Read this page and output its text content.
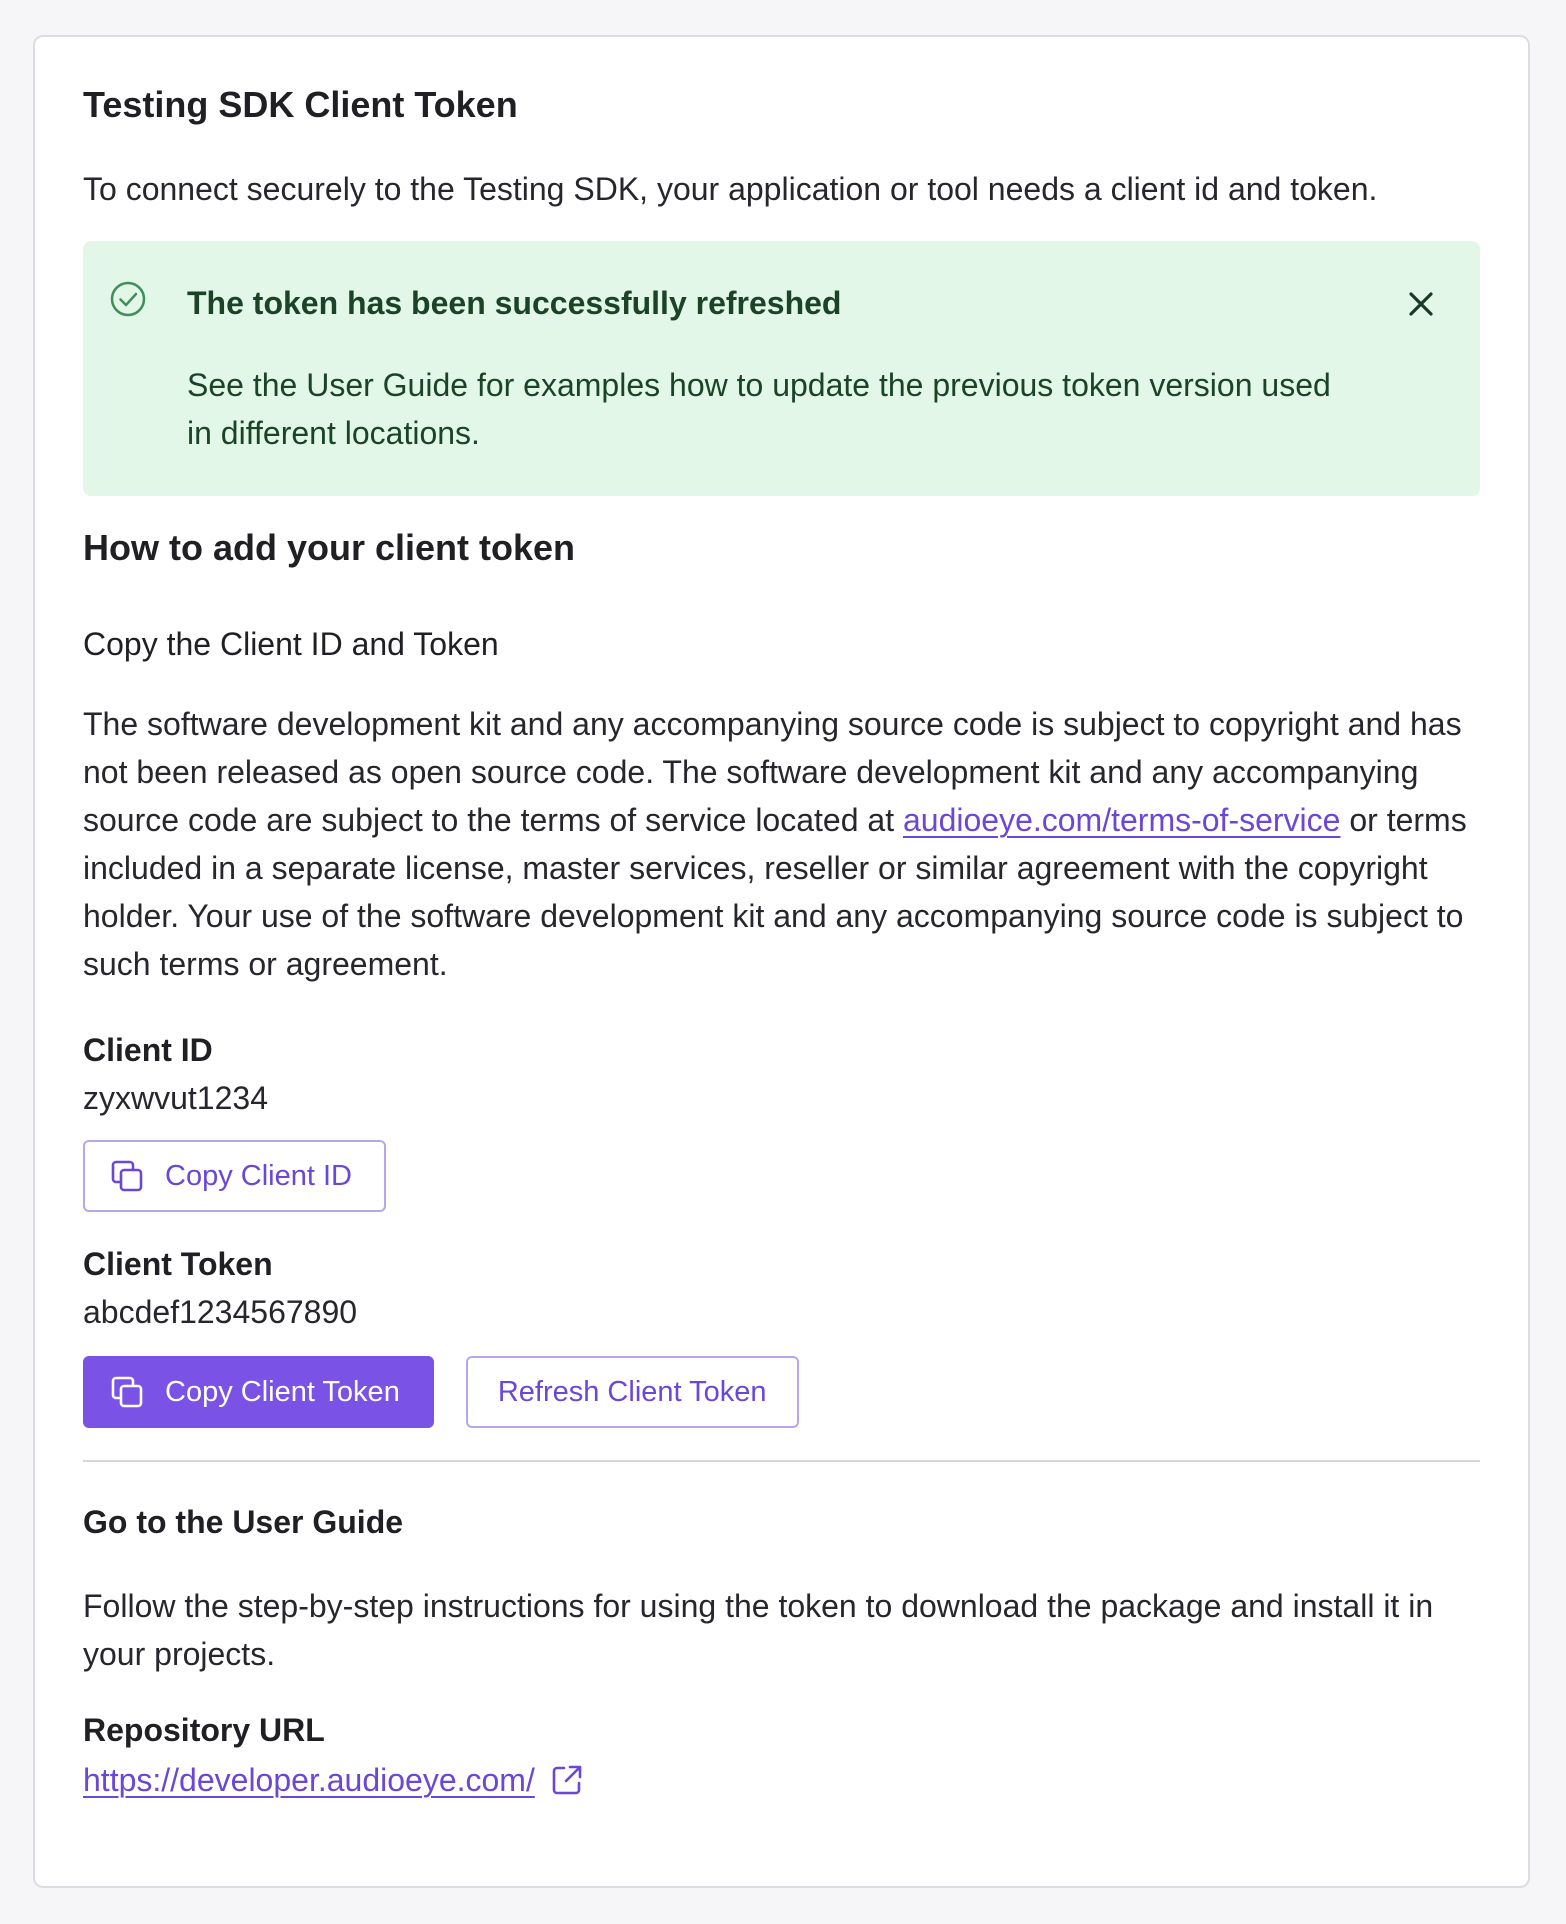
Testing SDK Client Token

To connect securely to the Testing SDK, your application or tool needs a client id and token.

The token has been successfully refreshed
See the User Guide for examples how to update the previous token version used in different locations.
How to add your client token
Copy the Client ID and Token

The software development kit and any accompanying source code is subject to copyright and has not been released as open source code. The software development kit and any accompanying source code are subject to the terms of service located at audioeye.com/terms-of-service or terms included in a separate license, master services, reseller or similar agreement with the copyright holder. Your use of the software development kit and any accompanying source code is subject to such terms or agreement.

Client ID
zyxwvut1234
Copy Client ID
Client Token
abcdef1234567890
Copy Client Token	Refresh Client Token
Go to the User Guide

Follow the step-by-step instructions for using the token to download the package and install it in your projects.

Repository URL
https://developer.audioeye.com/
